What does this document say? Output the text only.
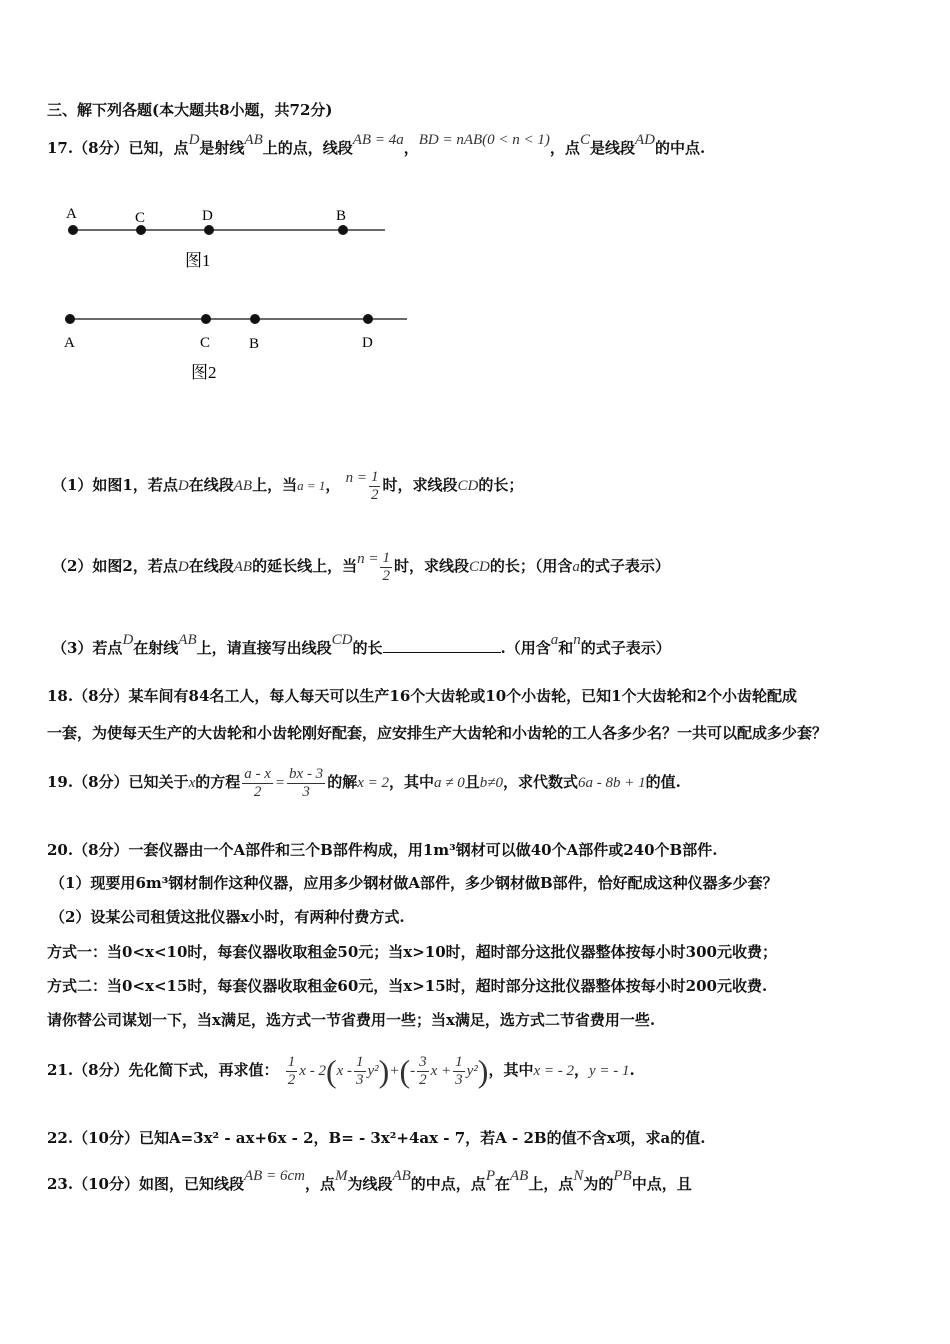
三、解下列各题(本大题共8小题，共72分)
17.（8分）已知，点D是射线AB上的点，线段AB = 4a，BD = nAB(0 < n < 1)，点C是线段AD的中点.
A	C	D	B
图1
A	C	B	D
图2
（1）如图1，若点D在线段AB上，当a = 1， $n = \frac{1}{2}$ 时，求线段CD的长；
（2）如图2，若点D在线段AB的延长线上，当$n = \frac{1}{2}$ 时，求线段CD的长；（用含a的式子表示）
（3）若点D在射线AB上，请直接写出线段CD的长	.（用含a和n的式子表示）
18.（8分）某车间有84名工人，每人每天可以生产16个大齿轮或10个小齿轮，已知1个大齿轮和2个小齿轮配成
一套，为使每天生产的大齿轮和小齿轮刚好配套，应安排生产大齿轮和小齿轮的工人各多少名？一共可以配成多少套？
19.（8分）已知关于x的方程 $\frac{a - x}{2} = \frac{bx - 3}{3}$ 的解x = 2，其中a ≠ 0且b≠0，求代数式6a - 8b + 1的值.
20.（8分）一套仪器由一个A部件和三个B部件构成，用1m³钢材可以做40个A部件或240个B部件.
（1）现要用6m³钢材制作这种仪器，应用多少钢材做A部件，多少钢材做B部件，恰好配成这种仪器多少套？
（2）设某公司租赁这批仪器x小时，有两种付费方式.
方式一：当0<x<10时，每套仪器收取租金50元；当x>10时，超时部分这批仪器整体按每小时300元收费；
方式二：当0<x<15时，每套仪器收取租金60元，当x>15时，超时部分这批仪器整体按每小时200元收费.
请你替公司谋划一下，当x满足，选方式一节省费用一些；当x满足，选方式二节省费用一些.
21.（8分）先化简下式，再求值： $\frac{1}{2}$ $x - 2(x - \frac{1}{3} y^2)+(- \frac{3}{2}$ $x + \frac{1}{3} y^2$)，其中x = - 2，y = - 1.
22.（10分）已知A=3x² - ax+6x - 2，B= - 3x²+4ax - 7，若A - 2B的值不含x项，求a的值.
23.（10分）如图，已知线段AB = 6cm，点M为线段AB的中点，点P在AB上，点N为的PB中点，且
